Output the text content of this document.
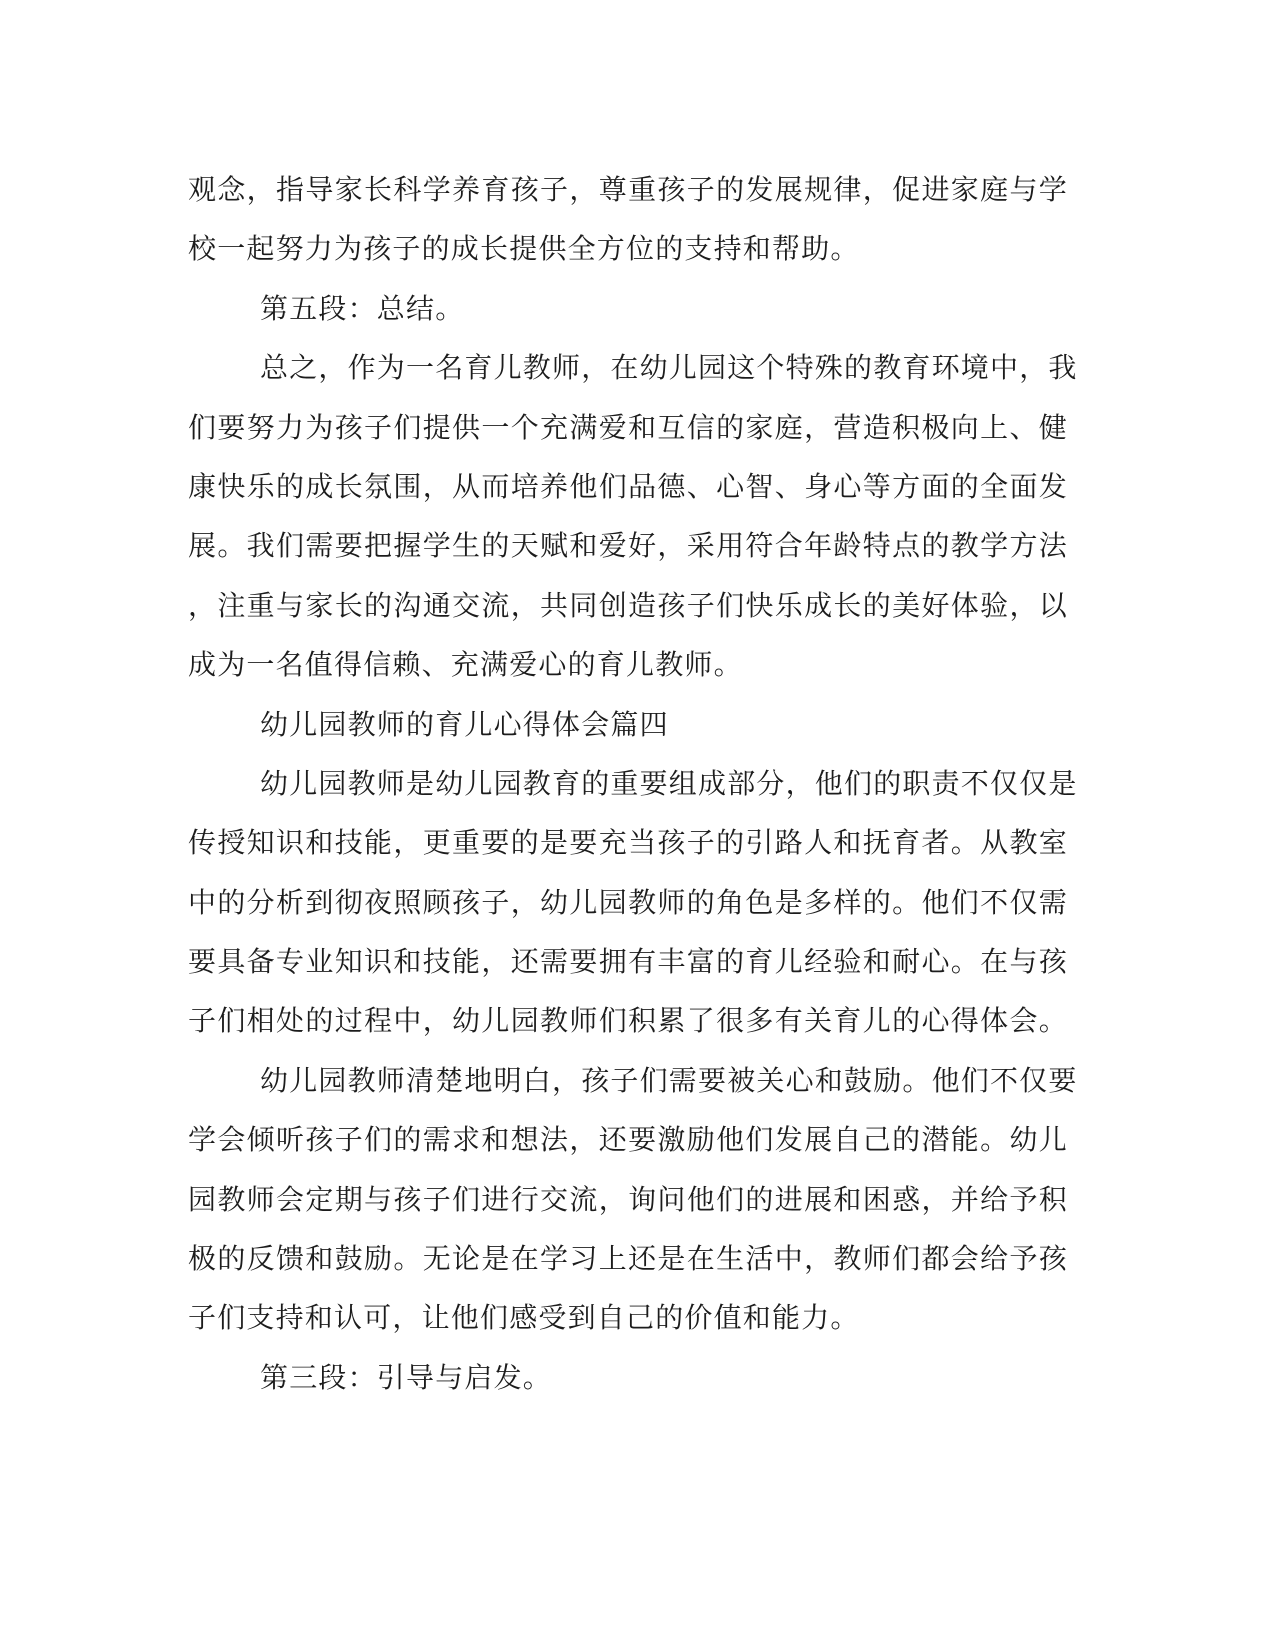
观念，指导家长科学养育孩子，尊重孩子的发展规律，促进家庭与学
校一起努力为孩子的成长提供全方位的支持和帮助。
第五段：总结。
总之，作为一名育儿教师，在幼儿园这个特殊的教育环境中，我
们要努力为孩子们提供一个充满爱和互信的家庭，营造积极向上、健
康快乐的成长氛围，从而培养他们品德、心智、身心等方面的全面发
展。我们需要把握学生的天赋和爱好，采用符合年龄特点的教学方法
，注重与家长的沟通交流，共同创造孩子们快乐成长的美好体验，以
成为一名值得信赖、充满爱心的育儿教师。
幼儿园教师的育儿心得体会篇四
幼儿园教师是幼儿园教育的重要组成部分，他们的职责不仅仅是
传授知识和技能，更重要的是要充当孩子的引路人和抚育者。从教室
中的分析到彻夜照顾孩子，幼儿园教师的角色是多样的。他们不仅需
要具备专业知识和技能，还需要拥有丰富的育儿经验和耐心。在与孩
子们相处的过程中，幼儿园教师们积累了很多有关育儿的心得体会。
幼儿园教师清楚地明白，孩子们需要被关心和鼓励。他们不仅要
学会倾听孩子们的需求和想法，还要激励他们发展自己的潜能。幼儿
园教师会定期与孩子们进行交流，询问他们的进展和困惑，并给予积
极的反馈和鼓励。无论是在学习上还是在生活中，教师们都会给予孩
子们支持和认可，让他们感受到自己的价值和能力。
第三段：引导与启发。
